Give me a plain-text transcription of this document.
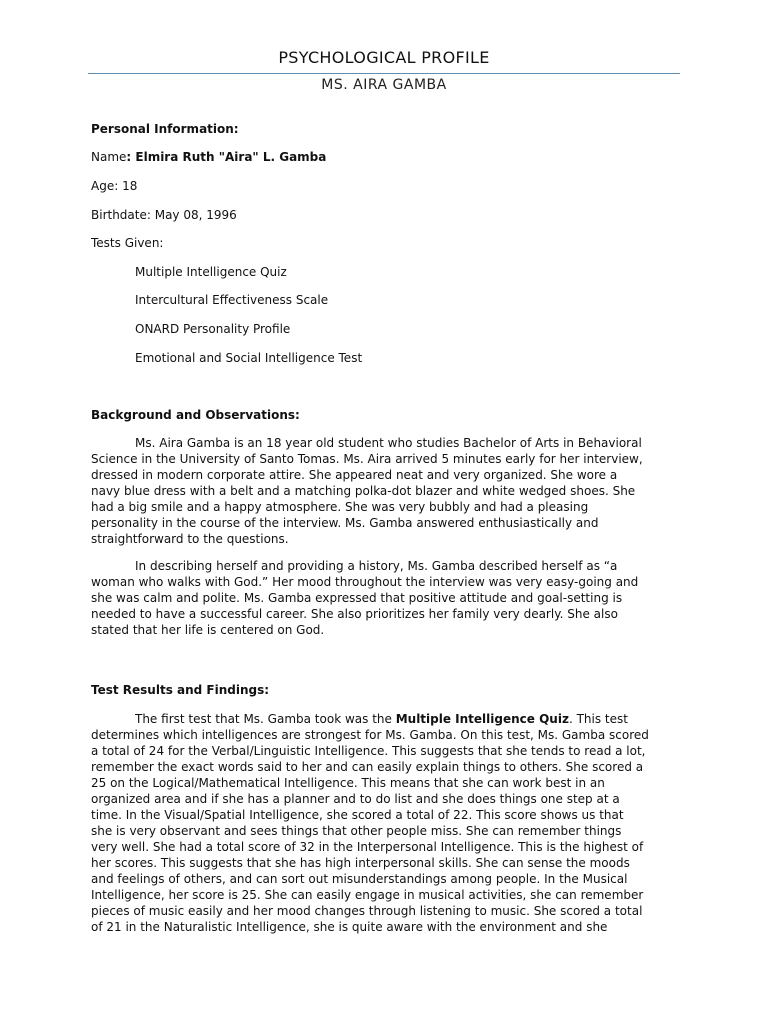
PSYCHOLOGICAL PROFILE
MS. AIRA GAMBA
Personal Information:
Name: Elmira Ruth "Aira" L. Gamba
Age: 18
Birthdate: May 08, 1996
Tests Given:
Multiple Intelligence Quiz
Intercultural Effectiveness Scale
ONARD Personality Profile
Emotional and Social Intelligence Test
Background and Observations:
Ms. Aira Gamba is an 18 year old student who studies Bachelor of Arts in Behavioral
Science in the University of Santo Tomas. Ms. Aira arrived 5 minutes early for her interview,
dressed in modern corporate attire. She appeared neat and very organized. She wore a
navy blue dress with a belt and a matching polka-dot blazer and white wedged shoes. She
had a big smile and a happy atmosphere. She was very bubbly and had a pleasing
personality in the course of the interview. Ms. Gamba answered enthusiastically and
straightforward to the questions.
In describing herself and providing a history, Ms. Gamba described herself as “a
woman who walks with God.” Her mood throughout the interview was very easy-going and
she was calm and polite. Ms. Gamba expressed that positive attitude and goal-setting is
needed to have a successful career. She also prioritizes her family very dearly. She also
stated that her life is centered on God.
Test Results and Findings:
The first test that Ms. Gamba took was the Multiple Intelligence Quiz. This test
determines which intelligences are strongest for Ms. Gamba. On this test, Ms. Gamba scored
a total of 24 for the Verbal/Linguistic Intelligence. This suggests that she tends to read a lot,
remember the exact words said to her and can easily explain things to others. She scored a
25 on the Logical/Mathematical Intelligence. This means that she can work best in an
organized area and if she has a planner and to do list and she does things one step at a
time. In the Visual/Spatial Intelligence, she scored a total of 22. This score shows us that
she is very observant and sees things that other people miss. She can remember things
very well. She had a total score of 32 in the Interpersonal Intelligence. This is the highest of
her scores. This suggests that she has high interpersonal skills. She can sense the moods
and feelings of others, and can sort out misunderstandings among people. In the Musical
Intelligence, her score is 25. She can easily engage in musical activities, she can remember
pieces of music easily and her mood changes through listening to music. She scored a total
of 21 in the Naturalistic Intelligence, she is quite aware with the environment and she
